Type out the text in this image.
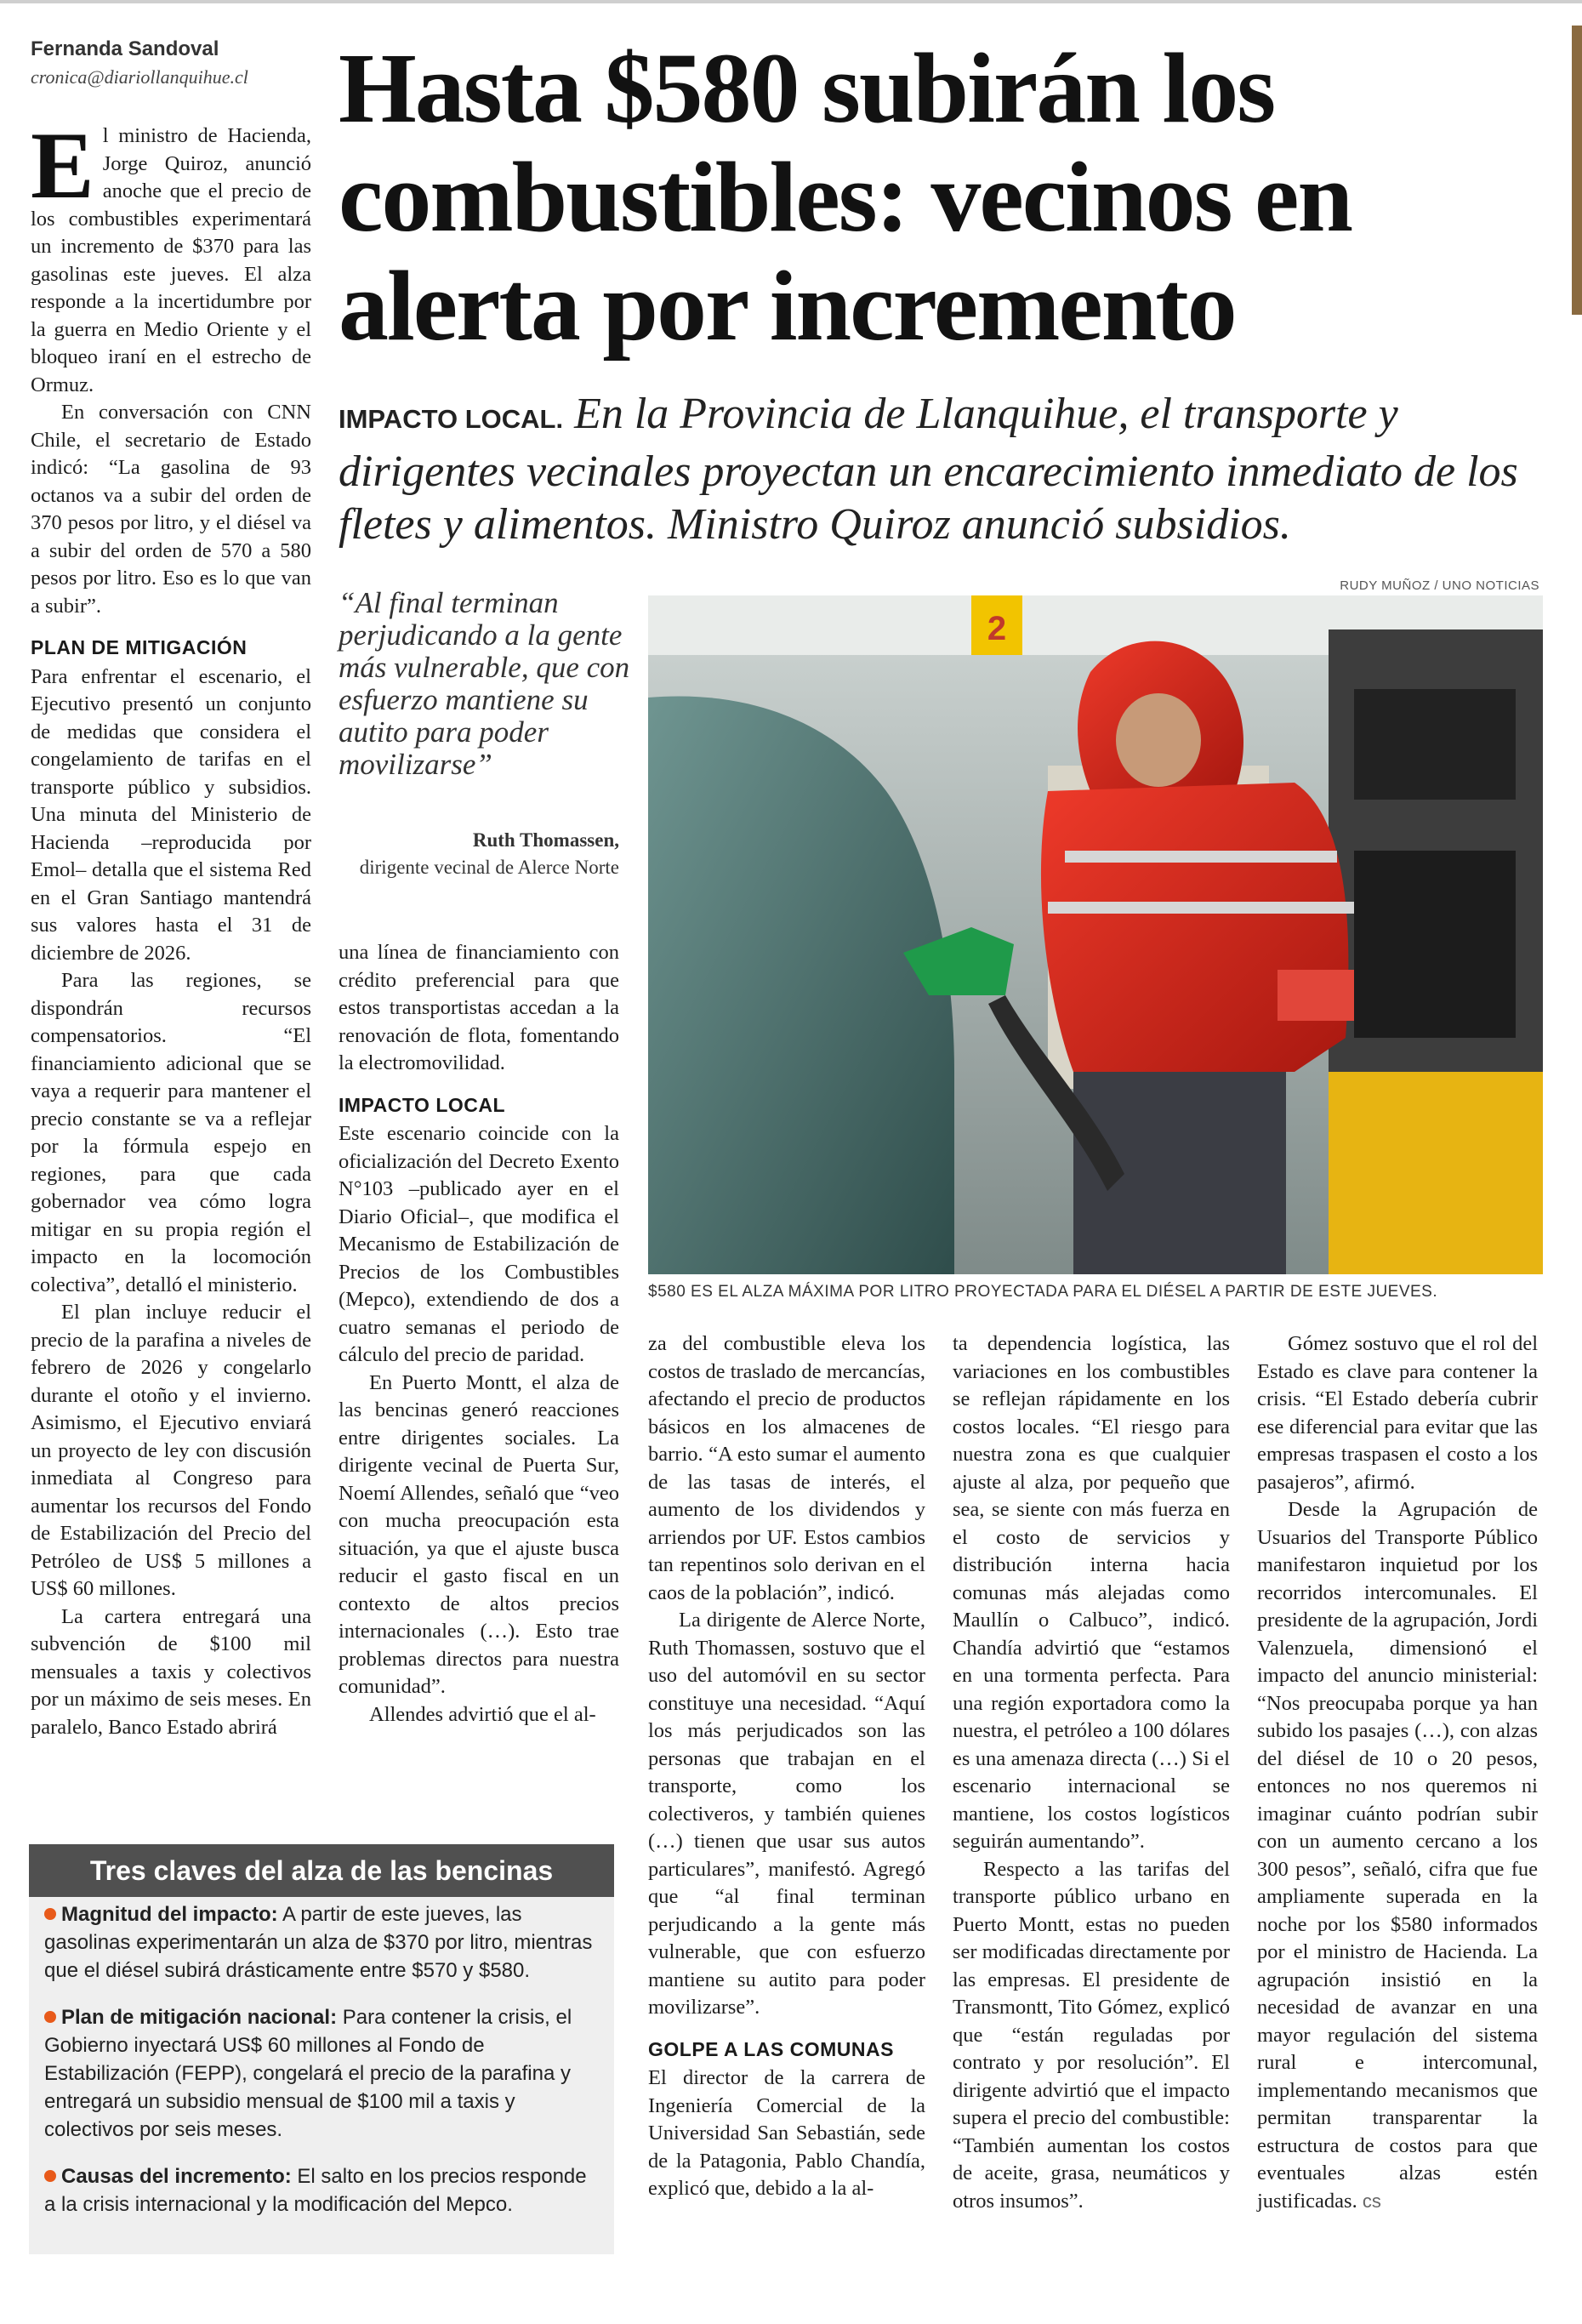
Fernanda Sandoval
cronica@diariollanquihue.cl Hasta $580 subirán los combustibles: vecinos en alerta por incremento
IMPACTO LOCAL. En la Provincia de Llanquihue, el transporte y dirigentes vecinales proyectan un encarecimiento inmediato de los fletes y alimentos. Ministro Quiroz anunció subsidios.
E l ministro de Hacienda, Jorge Quiroz, anunció anoche que el precio de los combustibles experimentará un incremento de $370 para las gasolinas este jueves. El alza responde a la incertidumbre por la guerra en Medio Oriente y el bloqueo iraní en el estrecho de Ormuz.

En conversación con CNN Chile, el secretario de Estado indicó: “La gasolina de 93 octanos va a subir del orden de 370 pesos por litro, y el diésel va a subir del orden de 570 a 580 pesos por litro. Eso es lo que van a subir”.

PLAN DE MITIGACIÓN

Para enfrentar el escenario, el Ejecutivo presentó un conjunto de medidas que considera el congelamiento de tarifas en el transporte público y subsidios. Una minuta del Ministerio de Hacienda –reproducida por Emol– detalla que el sistema Red en el Gran Santiago mantendrá sus valores hasta el 31 de diciembre de 2026.

Para las regiones, se dispondrán recursos compensatorios. “El financiamiento adicional que se vaya a requerir para mantener el precio constante se va a reflejar por la fórmula espejo en regiones, para que cada gobernador vea cómo logra mitigar en su propia región el impacto en la locomoción colectiva”, detalló el ministerio.

El plan incluye reducir el precio de la parafina a niveles de febrero de 2026 y congelarlo durante el otoño y el invierno. Asimismo, el Ejecutivo enviará un proyecto de ley con discusión inmediata al Congreso para aumentar los recursos del Fondo de Estabilización del Precio del Petróleo de US$ 5 millones a US$ 60 millones.

La cartera entregará una subvención de $100 mil mensuales a taxis y colectivos por un máximo de seis meses. En paralelo, Banco Estado abrirá

“Al final terminan perjudicando a la gente más vulnerable, que con esfuerzo mantiene su autito para poder movilizarse”
Ruth Thomassen,
dirigente vecinal de Alerce Norte

una línea de financiamiento con crédito preferencial para que estos transportistas accedan a la renovación de flota, fomentando la electromovilidad.

IMPACTO LOCAL

Este escenario coincide con la oficialización del Decreto Exento N°103 –publicado ayer en el Diario Oficial–, que modifica el Mecanismo de Estabilización de Precios de los Combustibles (Mepco), extendiendo de dos a cuatro semanas el periodo de cálculo del precio de paridad.

En Puerto Montt, el alza de las bencinas generó reacciones entre dirigentes sociales. La dirigente vecinal de Puerta Sur, Noemí Allendes, señaló que “veo con mucha preocupación esta situación, ya que el ajuste busca reducir el gasto fiscal en un contexto de altos precios internacionales (…). Esto trae problemas directos para nuestra comunidad”.

Allendes advirtió que el al-

RUDY MUÑOZ / UNO NOTICIAS
2
$580 ES EL ALZA MÁXIMA POR LITRO PROYECTADA PARA EL DIÉSEL A PARTIR DE ESTE JUEVES.

za del combustible eleva los costos de traslado de mercancías, afectando el precio de productos básicos en los almacenes de barrio. “A esto sumar el aumento de las tasas de interés, el aumento de los dividendos y arriendos por UF. Estos cambios tan repentinos solo derivan en el caos de la población”, indicó.

La dirigente de Alerce Norte, Ruth Thomassen, sostuvo que el uso del automóvil en su sector constituye una necesidad. “Aquí los más perjudicados son las personas que trabajan en el transporte, como los colectiveros, y también quienes (…) tienen que usar sus autos particulares”, manifestó. Agregó que “al final terminan perjudicando a la gente más vulnerable, que con esfuerzo mantiene su autito para poder movilizarse”.

GOLPE A LAS COMUNAS

El director de la carrera de Ingeniería Comercial de la Universidad San Sebastián, sede de la Patagonia, Pablo Chandía, explicó que, debido a la al-

ta dependencia logística, las variaciones en los combustibles se reflejan rápidamente en los costos locales. “El riesgo para nuestra zona es que cualquier ajuste al alza, por pequeño que sea, se siente con más fuerza en el costo de servicios y distribución interna hacia comunas más alejadas como Maullín o Calbuco”, indicó. Chandía advirtió que “estamos en una tormenta perfecta. Para una región exportadora como la nuestra, el petróleo a 100 dólares es una amenaza directa (…) Si el escenario internacional se mantiene, los costos logísticos seguirán aumentando”.

Respecto a las tarifas del transporte público urbano en Puerto Montt, estas no pueden ser modificadas directamente por las empresas. El presidente de Transmontt, Tito Gómez, explicó que “están reguladas por contrato y por resolución”. El dirigente advirtió que el impacto supera el precio del combustible: “También aumentan los costos de aceite, grasa, neumáticos y otros insumos”.

Gómez sostuvo que el rol del Estado es clave para contener la crisis. “El Estado debería cubrir ese diferencial para evitar que las empresas traspasen el costo a los pasajeros”, afirmó.

Desde la Agrupación de Usuarios del Transporte Público manifestaron inquietud por los recorridos intercomunales. El presidente de la agrupación, Jordi Valenzuela, dimensionó el impacto del anuncio ministerial: “Nos preocupaba porque ya han subido los pasajes (…), con alzas del diésel de 10 o 20 pesos, entonces no nos queremos ni imaginar cuánto podrían subir con un aumento cercano a los 300 pesos”, señaló, cifra que fue ampliamente superada en la noche por los $580 informados por el ministro de Hacienda. La agrupación insistió en la necesidad de avanzar en una mayor regulación del sistema rural e intercomunal, implementando mecanismos que permitan transparentar la estructura de costos para que eventuales alzas estén justificadas. cs

Tres claves del alza de las bencinas

Magnitud del impacto: A partir de este jueves, las gasolinas experimentarán un alza de $370 por litro, mientras que el diésel subirá drásticamente entre $570 y $580.

Plan de mitigación nacional: Para contener la crisis, el Gobierno inyectará US$ 60 millones al Fondo de Estabilización (FEPP), congelará el precio de la parafina y entregará un subsidio mensual de $100 mil a taxis y colectivos por seis meses.

Causas del incremento: El salto en los precios responde a la crisis internacional y la modificación del Mepco.
